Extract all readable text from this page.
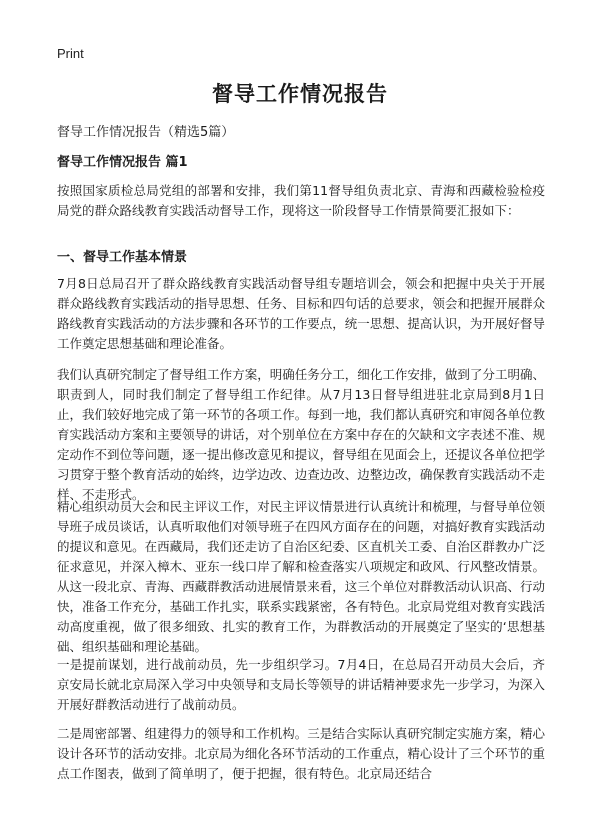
Print
督导工作情况报告
督导工作情况报告（精选5篇）
督导工作情况报告 篇1

按照国家质检总局党组的部署和安排，我们第11督导组负责北京、青海和西藏检验检疫局党的群众路线教育实践活动督导工作，现将这一阶段督导工作情景简要汇报如下：

一、督导工作基本情景

7月8日总局召开了群众路线教育实践活动督导组专题培训会，领会和把握中央关于开展群众路线教育实践活动的指导思想、任务、目标和四句话的总要求，领会和把握开展群众路线教育实践活动的方法步骤和各环节的工作要点，统一思想、提高认识，为开展好督导工作奠定思想基础和理论准备。

我们认真研究制定了督导组工作方案，明确任务分工，细化工作安排，做到了分工明确、职责到人，同时我们制定了督导组工作纪律。从7月13日督导组进驻北京局到8月1日止，我们较好地完成了第一环节的各项工作。每到一地，我们都认真研究和审阅各单位教育实践活动方案和主要领导的讲话，对个别单位在方案中存在的欠缺和文字表述不准、规定动作不到位等问题，逐一提出修改意见和提议，督导组在见面会上，还提议各单位把学习贯穿于整个教育活动的始终，边学边改、边查边改、边整边改，确保教育实践活动不走样、不走形式。

精心组织动员大会和民主评议工作，对民主评议情景进行认真统计和梳理，与督导单位领导班子成员谈话，认真听取他们对领导班子在四风方面存在的问题，对搞好教育实践活动的提议和意见。在西藏局，我们还走访了自治区纪委、区直机关工委、自治区群教办广泛征求意见，并深入樟木、亚东一线口岸了解和检查落实八项规定和政风、行风整改情景。从这一段北京、青海、西藏群教活动进展情景来看，这三个单位对群教活动认识高、行动快，准备工作充分，基础工作扎实，联系实践紧密，各有特色。北京局党组对教育实践活动高度重视，做了很多细致、扎实的教育工作，为群教活动的开展奠定了坚实的‘思想基础、组织基础和理论基础。

一是提前谋划，进行战前动员，先一步组织学习。7月4日，在总局召开动员大会后，齐京安局长就北京局深入学习中央领导和支局长等领导的讲话精神要求先一步学习，为深入开展好群教活动进行了战前动员。

二是周密部署、组建得力的领导和工作机构。三是结合实际认真研究制定实施方案，精心设计各环节的活动安排。北京局为细化各环节活动的工作重点，精心设计了三个环节的重点工作图表，做到了简单明了，便于把握，很有特色。北京局还结合
